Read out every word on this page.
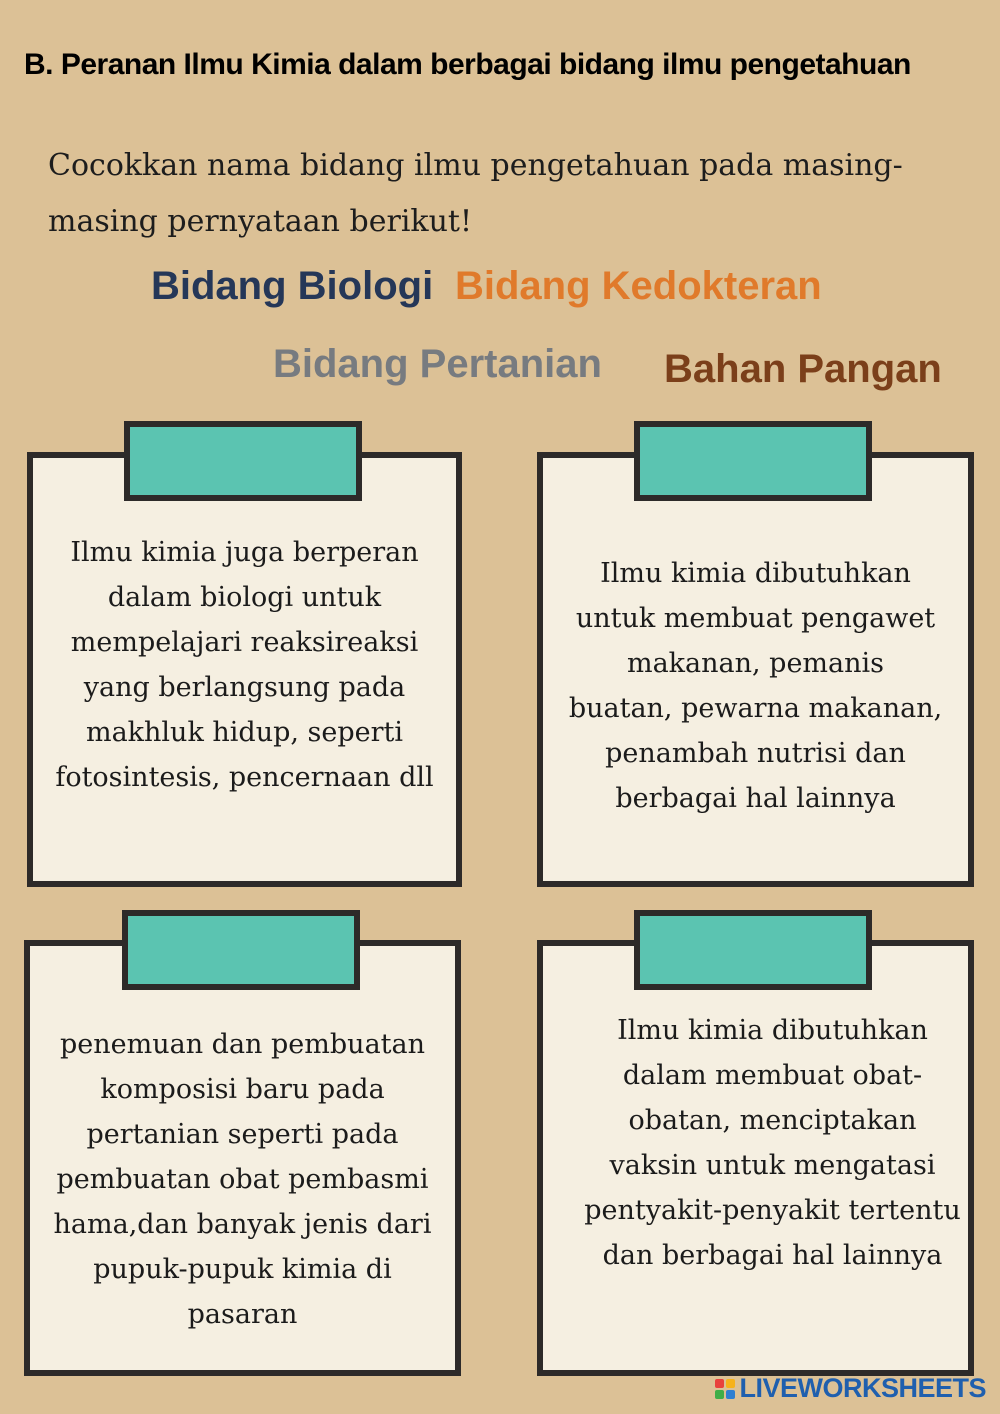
B. Peranan Ilmu Kimia dalam berbagai bidang ilmu pengetahuan
Cocokkan nama bidang ilmu pengetahuan pada masing-masing pernyataan berikut!
Bidang Biologi Bidang Kedokteran
Bidang Pertanian Bahan Pangan
Ilmu kimia juga berperan
dalam biologi untuk
mempelajari reaksireaksi
yang berlangsung pada
makhluk hidup, seperti
fotosintesis, pencernaan dll
Ilmu kimia dibutuhkan
untuk membuat pengawet
makanan, pemanis
buatan, pewarna makanan,
penambah nutrisi dan
berbagai hal lainnya
penemuan dan pembuatan
komposisi baru pada
pertanian seperti pada
pembuatan obat pembasmi
hama,dan banyak jenis dari
pupuk-pupuk kimia di
pasaran
Ilmu kimia dibutuhkan
dalam membuat obat-
obatan, menciptakan
vaksin untuk mengatasi
pentyakit-penyakit tertentu
dan berbagai hal lainnya
LIVEWORKSHEETS
